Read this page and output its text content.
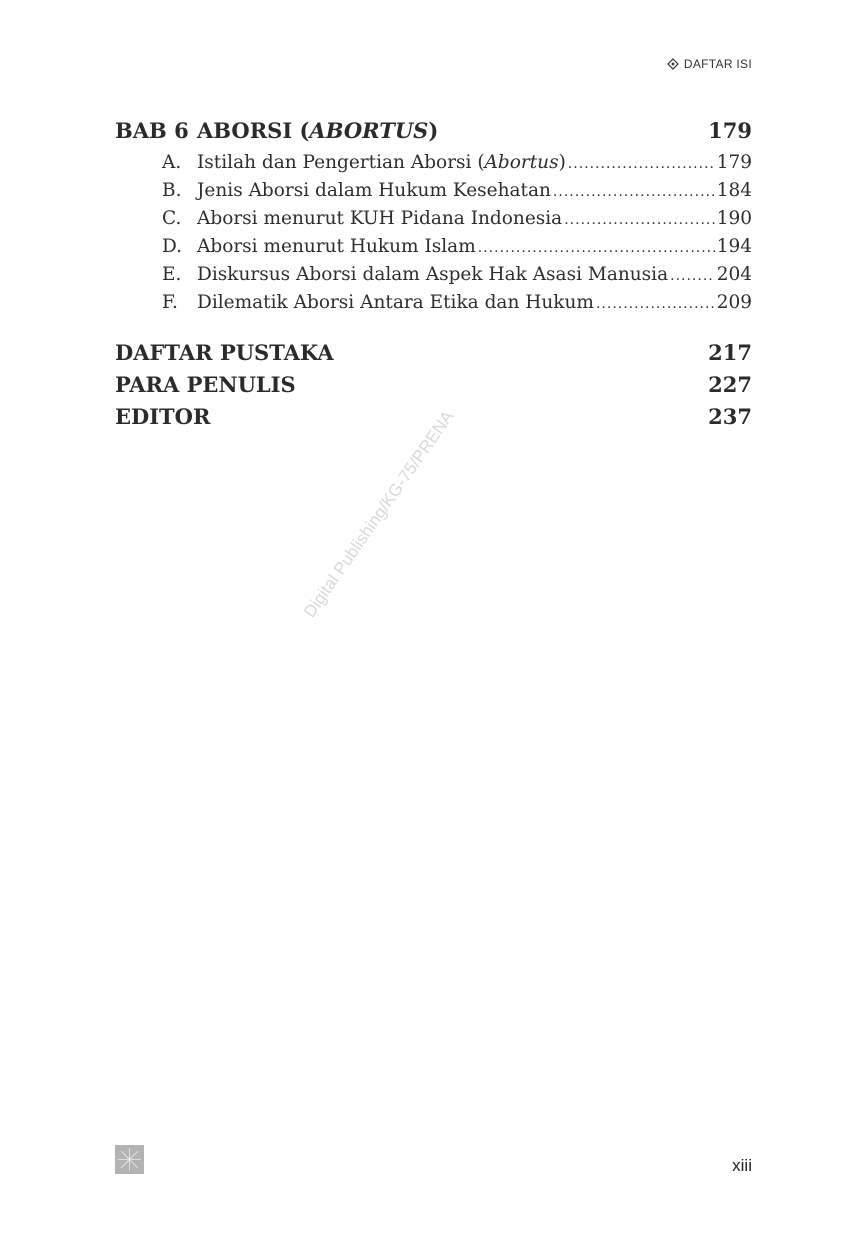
DAFTAR ISI
BAB 6 ABORSI (ABORTUS)	179
A. Istilah dan Pengertian Aborsi (Abortus) .....	179
B. Jenis Aborsi dalam Hukum Kesehatan .....	184
C. Aborsi menurut KUH Pidana Indonesia .....	190
D. Aborsi menurut Hukum Islam .....	194
E. Diskursus Aborsi dalam Aspek Hak Asasi Manusia .....	204
F.	Dilematik Aborsi Antara Etika dan Hukum .....	209
DAFTAR PUSTAKA	217
PARA PENULIS	227
EDITOR	237
Digital Publishing/KG-75/PRENA
xiii
